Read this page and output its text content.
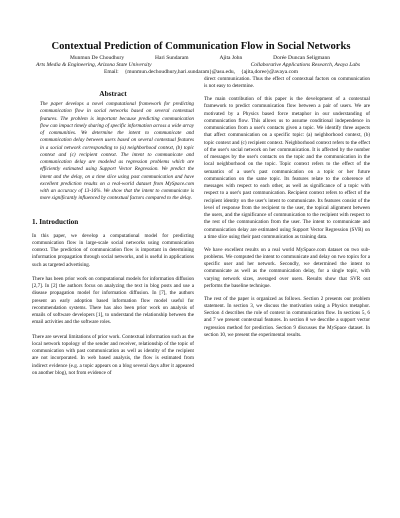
Contextual Prediction of Communication Flow in Social Networks
Munmun De Choudhury	Hari Sundaram	Ajita John	Dorée Duncan Seligmann
Arts Media & Engineering, Arizona State University	Collaborative Applications Research, Avaya Labs
Email: {munmun.dechoudhury,hari.sundaram}@asu.edu, {ajita,doree}@avaya.com
Abstract

The paper develops a novel computational framework for predicting communication flow in social networks based on several contextual features. The problem is important because predicting communication flow can impact timely sharing of specific information across a wide array of communities. We determine the intent to communicate and communication delay between users based on several contextual features in a social network corresponding to (a) neighborhood context, (b) topic context and (c) recipient context. The intent to communicate and communication delay are modeled as regression problems which are efficiently estimated using Support Vector Regression. We predict the intent and the delay, on a time slice using past communication and have excellent prediction results on a real-world dataset from MySpace.com with an accuracy of 13-16%. We show that the intent to communicate is more significantly influenced by contextual factors compared to the delay.

1. Introduction

In this paper, we develop a computational model for predicting communication flow in large-scale social networks using communication context. The prediction of communication flow is important in determining information propagation through social networks, and is useful in applications such as targeted advertising.

There has been prior work on computational models for information diffusion [2,7]. In [2] the authors focus on analyzing the text in blog posts and use a disease propagation model for information diffusion. In [7], the authors present an early adoption based information flow model useful for recommendation systems. There has also been prior work on analysis of emails of software developers [1], to understand the relationship between the email activities and the software roles.

There are several limitations of prior work. Contextual information such as the local network topology of the sender and receiver, relationship of the topic of communication with past communication as well as identity of the recipient are not incorporated. In web based analysis, the flow is estimated from indirect evidence (e.g. a topic appears on a blog several days after it appeared on another blog), not from evidence of

direct communication. Thus the effect of contextual factors on communication is not easy to determine.

The main contribution of this paper is the development of a contextual framework to predict communication flow between a pair of users. We are motivated by a Physics based force metaphor in our understanding of communication flow. This allows us to assume conditional independence in communication from a user's contacts given a topic. We identify three aspects that affect communication on a specific topic: (a) neighborhood context, (b) topic context and (c) recipient context. Neighborhood context refers to the effect of the user's social network on her communication. It is affected by the number of messages by the user's contacts on the topic and the communication in the local neighborhood on the topic. Topic context refers to the effect of the semantics of a user's past communication on a topic or her future communication on the same topic. Its features relate to the coherence of messages with respect to each other, as well as significance of a topic with respect to a user's past communication. Recipient context refers to effect of the recipient identity on the user's intent to communicate. Its features consist of the level of response from the recipient to the user, the topical alignment between the users, and the significance of communication to the recipient with respect to the rest of the communication from the user. The intent to communicate and communication delay are estimated using Support Vector Regression (SVR) on a time slice using their past communication as training data.

We have excellent results on a real world MySpace.com dataset on two sub-problems. We computed the intent to communicate and delay on two topics for a specific user and her network. Secondly, we determined the intent to communicate as well as the communication delay, for a single topic, with varying network sizes, averaged over users. Results show that SVR out performs the baseline technique.

The rest of the paper is organized as follows. Section 2 presents our problem statement. In section 3, we discuss the motivation using a Physics metaphor. Section 4 describes the role of context in communication flow. In sections 5, 6 and 7 we present contextual features. In section 8 we describe a support vector regression method for prediction. Section 9 discusses the MySpace dataset. In section 10, we present the experimental results.
